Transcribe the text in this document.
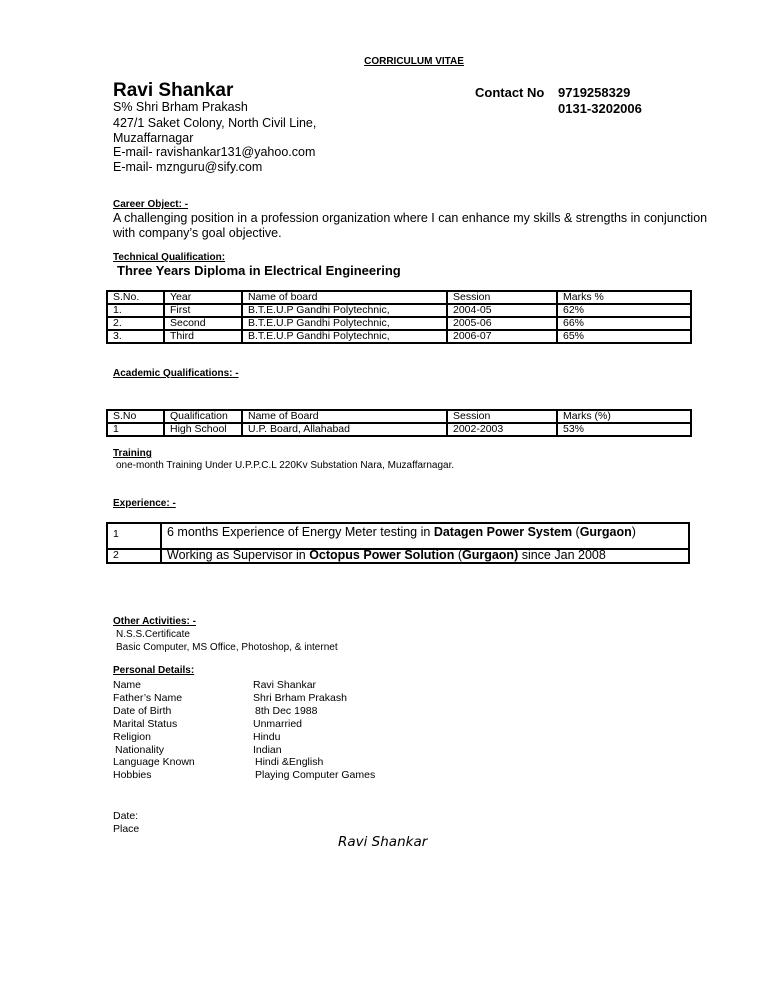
CORRICULUM VITAE
Ravi Shankar
S% Shri Brham Prakash
427/1 Saket Colony, North Civil Line,
Muzaffarnagar
E-mail- ravishankar131@yahoo.com
E-mail- mznguru@sify.com
Contact No 9719258329
0131-3202006
Career Object: -
A challenging position in a profession organization where I can enhance my skills & strengths in conjunction with company’s goal objective.
Technical Qualification:
Three Years Diploma in Electrical Engineering
S.No.	Year	Name of board	Session	Marks %
1.	First	B.T.E.U.P Gandhi Polytechnic,	2004-05	62%
2.	Second	B.T.E.U.P Gandhi Polytechnic,	2005-06	66%
3.	Third	B.T.E.U.P Gandhi Polytechnic,	2006-07	65%
Academic Qualifications: -
S.No	Qualification	Name of Board	Session	Marks (%)
1	High School	U.P. Board, Allahabad	2002-2003	53%
Training
one-month Training Under U.P.P.C.L 220Kv Substation Nara, Muzaffarnagar.
Experience: -
1	6 months Experience of Energy Meter testing in Datagen Power System (Gurgaon)
2	Working as Supervisor in Octopus Power Solution (Gurgaon) since Jan 2008
Other Activities: -
N.S.S.Certificate
Basic Computer, MS Office, Photoshop, & internet
Personal Details:
Name	Ravi Shankar
Father’s Name	Shri Brham Prakash
Date of Birth	8th Dec 1988
Marital Status	Unmarried
Religion	Hindu
Nationality	Indian
Language Known	Hindi &English
Hobbies	Playing Computer Games
Date:
Place
Ravi Shankar
